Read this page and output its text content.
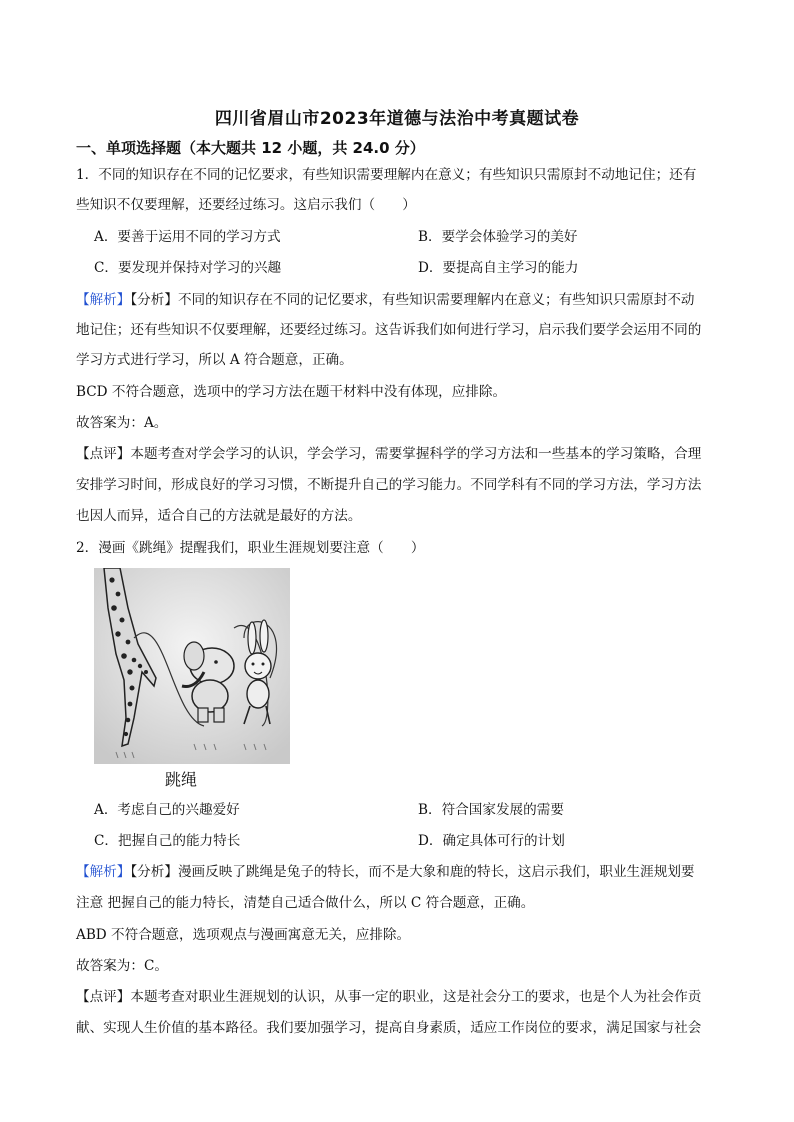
四川省眉山市2023年道德与法治中考真题试卷
一、单项选择题（本大题共 12 小题，共 24.0 分）
1．不同的知识存在不同的记忆要求，有些知识需要理解内在意义；有些知识只需原封不动地记住；还有
些知识不仅要理解，还要经过练习。这启示我们（　　）
A．要善于运用不同的学习方式	B．要学会体验学习的美好
C．要发现并保持对学习的兴趣	D．要提高自主学习的能力
【解析】【分析】不同的知识存在不同的记忆要求，有些知识需要理解内在意义；有些知识只需原封不动
地记住；还有些知识不仅要理解，还要经过练习。这告诉我们如何进行学习，启示我们要学会运用不同的
学习方式进行学习，所以 A 符合题意，正确。
BCD 不符合题意，选项中的学习方法在题干材料中没有体现，应排除。
故答案为：A。
【点评】本题考查对学会学习的认识，学会学习，需要掌握科学的学习方法和一些基本的学习策略，合理
安排学习时间，形成良好的学习习惯，不断提升自己的学习能力。不同学科有不同的学习方法，学习方法
也因人而异，适合自己的方法就是最好的方法。
2．漫画《跳绳》提醒我们，职业生涯规划要注意（　　）
跳绳
A．考虑自己的兴趣爱好	B．符合国家发展的需要
C．把握自己的能力特长	D．确定具体可行的计划
【解析】【分析】漫画反映了跳绳是兔子的特长，而不是大象和鹿的特长，这启示我们，职业生涯规划要
注意 把握自己的能力特长，清楚自己适合做什么，所以 C 符合题意，正确。
ABD 不符合题意，选项观点与漫画寓意无关，应排除。
故答案为：C。
【点评】本题考查对职业生涯规划的认识，从事一定的职业，这是社会分工的要求，也是个人为社会作贡
献、实现人生价值的基本路径。我们要加强学习，提高自身素质，适应工作岗位的要求，满足国家与社会
